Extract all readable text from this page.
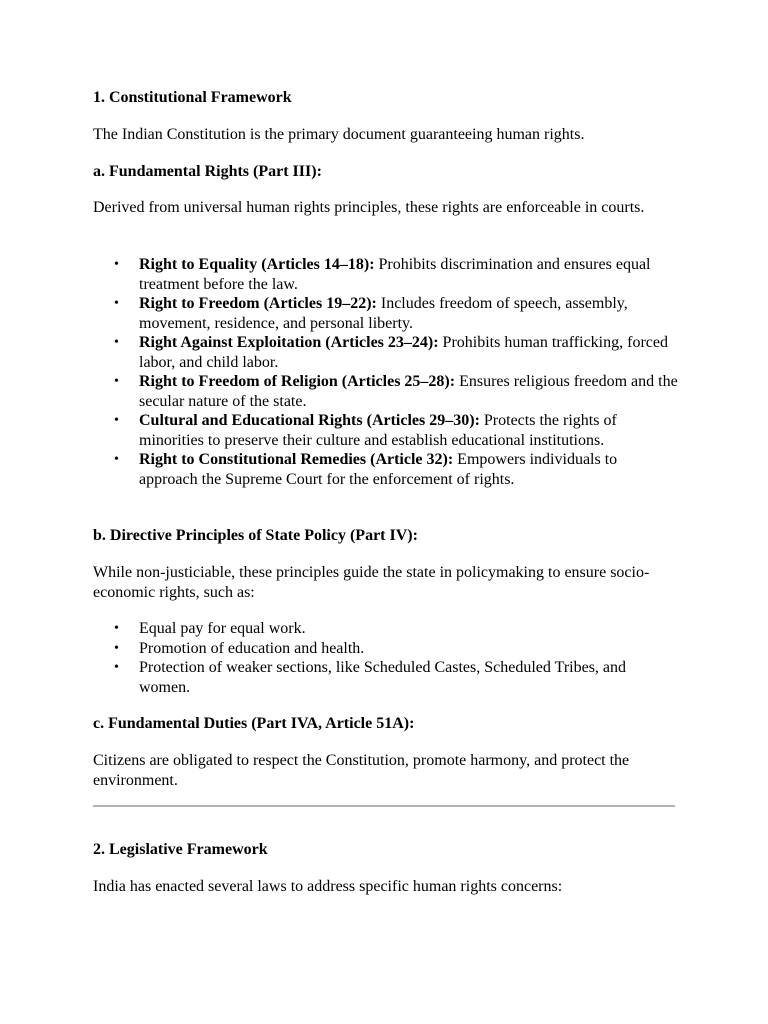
1. Constitutional Framework
The Indian Constitution is the primary document guaranteeing human rights.
a. Fundamental Rights (Part III):
Derived from universal human rights principles, these rights are enforceable in courts.
• Right to Equality (Articles 14–18): Prohibits discrimination and ensures equal treatment before the law.
• Right to Freedom (Articles 19–22): Includes freedom of speech, assembly, movement, residence, and personal liberty.
• Right Against Exploitation (Articles 23–24): Prohibits human trafficking, forced labor, and child labor.
• Right to Freedom of Religion (Articles 25–28): Ensures religious freedom and the secular nature of the state.
• Cultural and Educational Rights (Articles 29–30): Protects the rights of minorities to preserve their culture and establish educational institutions.
• Right to Constitutional Remedies (Article 32): Empowers individuals to approach the Supreme Court for the enforcement of rights.
b. Directive Principles of State Policy (Part IV):
While non-justiciable, these principles guide the state in policymaking to ensure socio-economic rights, such as:
• Equal pay for equal work.
• Promotion of education and health.
• Protection of weaker sections, like Scheduled Castes, Scheduled Tribes, and women.
c. Fundamental Duties (Part IVA, Article 51A):
Citizens are obligated to respect the Constitution, promote harmony, and protect the environment.
2. Legislative Framework
India has enacted several laws to address specific human rights concerns:
